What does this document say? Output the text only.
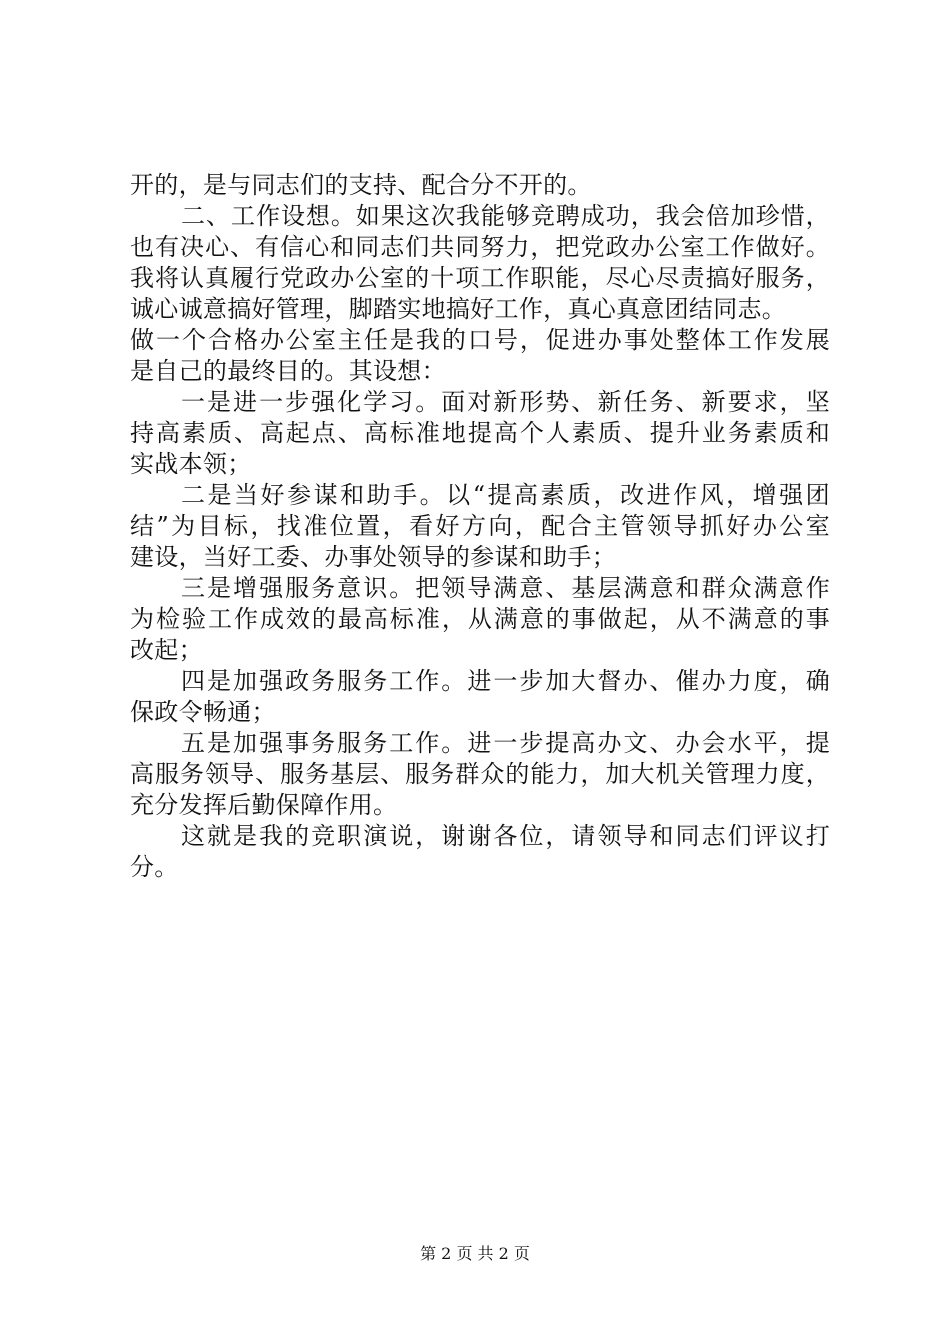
开的，是与同志们的支持、配合分不开的。
二、工作设想。如果这次我能够竞聘成功，我会倍加珍惜，
也有决心、有信心和同志们共同努力，把党政办公室工作做好。
我将认真履行党政办公室的十项工作职能，尽心尽责搞好服务，
诚心诚意搞好管理，脚踏实地搞好工作，真心真意团结同志。
做一个合格办公室主任是我的口号，促进办事处整体工作发展
是自己的最终目的。其设想：
一是进一步强化学习。面对新形势、新任务、新要求，坚
持高素质、高起点、高标准地提高个人素质、提升业务素质和
实战本领；
二是当好参谋和助手。以“提高素质，改进作风，增强团
结”为目标，找准位置，看好方向，配合主管领导抓好办公室
建设，当好工委、办事处领导的参谋和助手；
三是增强服务意识。把领导满意、基层满意和群众满意作
为检验工作成效的最高标准，从满意的事做起，从不满意的事
改起；
四是加强政务服务工作。进一步加大督办、催办力度，确
保政令畅通；
五是加强事务服务工作。进一步提高办文、办会水平，提
高服务领导、服务基层、服务群众的能力，加大机关管理力度，
充分发挥后勤保障作用。
这就是我的竞职演说，谢谢各位，请领导和同志们评议打
分。
第 2 页 共 2 页
